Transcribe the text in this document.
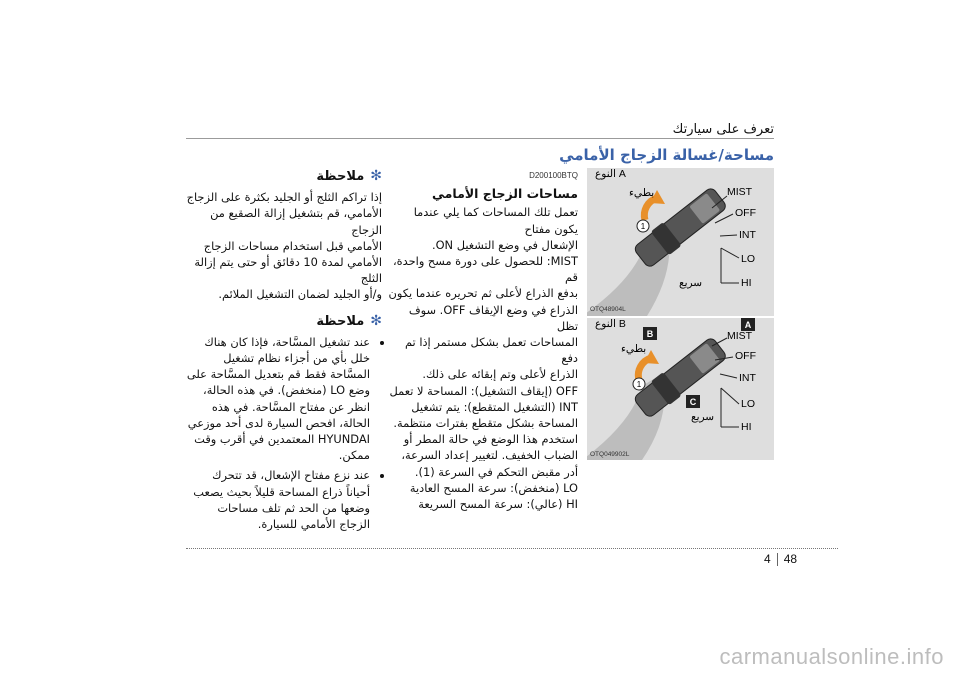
تعرف على سيارتك
مساحة/غسالة الزجاج الأمامي
✻ملاحظة

إذا تراكم الثلج أو الجليد بكثرة على الزجاج

الأمامي، قم بتشغيل إزالة الصقيع من الزجاج

الأمامي قبل استخدام مساحات الزجاج

الأمامي لمدة 10 دقائق أو حتى يتم إزالة الثلج

و/أو الجليد لضمان التشغيل الملائم.

✻ملاحظة
• عند تشغيل المسَّاحة، فإذا كان هناك خلل بأي من أجزاء نظام تشغيل المسَّاحة فقط قم بتعديل المسَّاحة على وضع LO (منخفض). في هذه الحالة، انظر عن مفتاح المسَّاحة. في هذه الحالة، افحص السيارة لدى أحد موزعي HYUNDAI المعتمدين في أقرب وقت ممكن.
• عند نزع مفتاح الإشعال، قد تتحرك أحياناً ذراع المساحة قليلاً بحيث يصعب وضعها من الحد ثم تلف مساحات الزجاج الأمامي للسيارة.
D200100BTQ
مساحات الزجاج الأمامي

تعمل تلك المساحات كما يلي عندما يكون مفتاح

الإشعال في وضع التشغيل ON.

MIST: للحصول على دورة مسح واحدة، قم

بدفع الذراع لأعلى ثم تحريره عندما يكون

الذراع في وضع الإيقاف OFF. سوف تظل

المساحات تعمل بشكل مستمر إذا تم دفع

الذراع لأعلى وتم إبقائه على ذلك.

OFF (إيقاف التشغيل): المساحة لا تعمل

INT (التشغيل المتقطع): يتم تشغيل

المساحة بشكل متقطع بفترات منتظمة.

استخدم هذا الوضع في حالة المطر أو

الضباب الخفيف. لتغيير إعداد السرعة،

أدر مقبض التحكم في السرعة (1).

LO (منخفض): سرعة المسح العادية

HI (عالي): سرعة المسح السريعة

1
MIST
OFF
INT
LO
HI
بطيء
سريع
النوع A
OTQ48904L
1
A
B
C
MIST
OFF
INT
LO
HI
بطيء
سريع
النوع B
OTQ049902L
4 48
carmanualsonline.info
